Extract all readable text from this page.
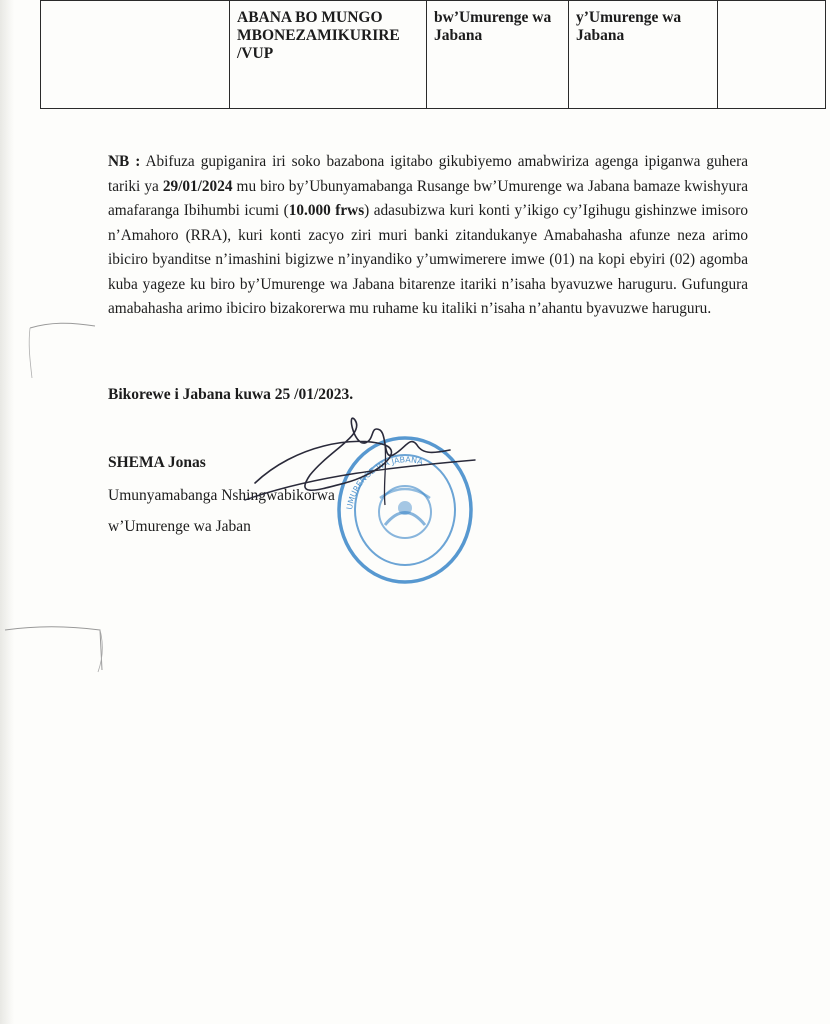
	ABANA BO MUNGO MBONEZAMIKURIRE /VUP	bw’Umurenge wa Jabana	y’Umurenge wa Jabana	
NB : Abifuza gupiganira iri soko bazabona igitabo gikubiyemo amabwiriza agenga ipiganwa guhera tariki ya 29/01/2024 mu biro by’Ubunyamabanga Rusange bw’Umurenge wa Jabana bamaze kwishyura amafaranga Ibihumbi icumi (10.000 frws) adasubizwa kuri konti y’ikigo cy’Igihugu gishinzwe imisoro n’Amahoro (RRA), kuri konti zacyo ziri muri banki zitandukanye Amabahasha afunze neza arimo ibiciro byanditse n’imashini bigizwe n’inyandiko y’umwimerere imwe (01) na kopi ebyiri (02) agomba kuba yageze ku biro by’Umurenge wa Jabana bitarenze itariki n’isaha byavuzwe haruguru. Gufungura amabahasha arimo ibiciro bizakorerwa mu ruhame ku italiki n’isaha n’ahantu byavuzwe haruguru.
Bikorewe i Jabana kuwa 25 /01/2023.
SHEMA Jonas
Umunyamabanga Nshingwabikorwa
w’Umurenge wa Jaban
UMURENGE WA JABANA
